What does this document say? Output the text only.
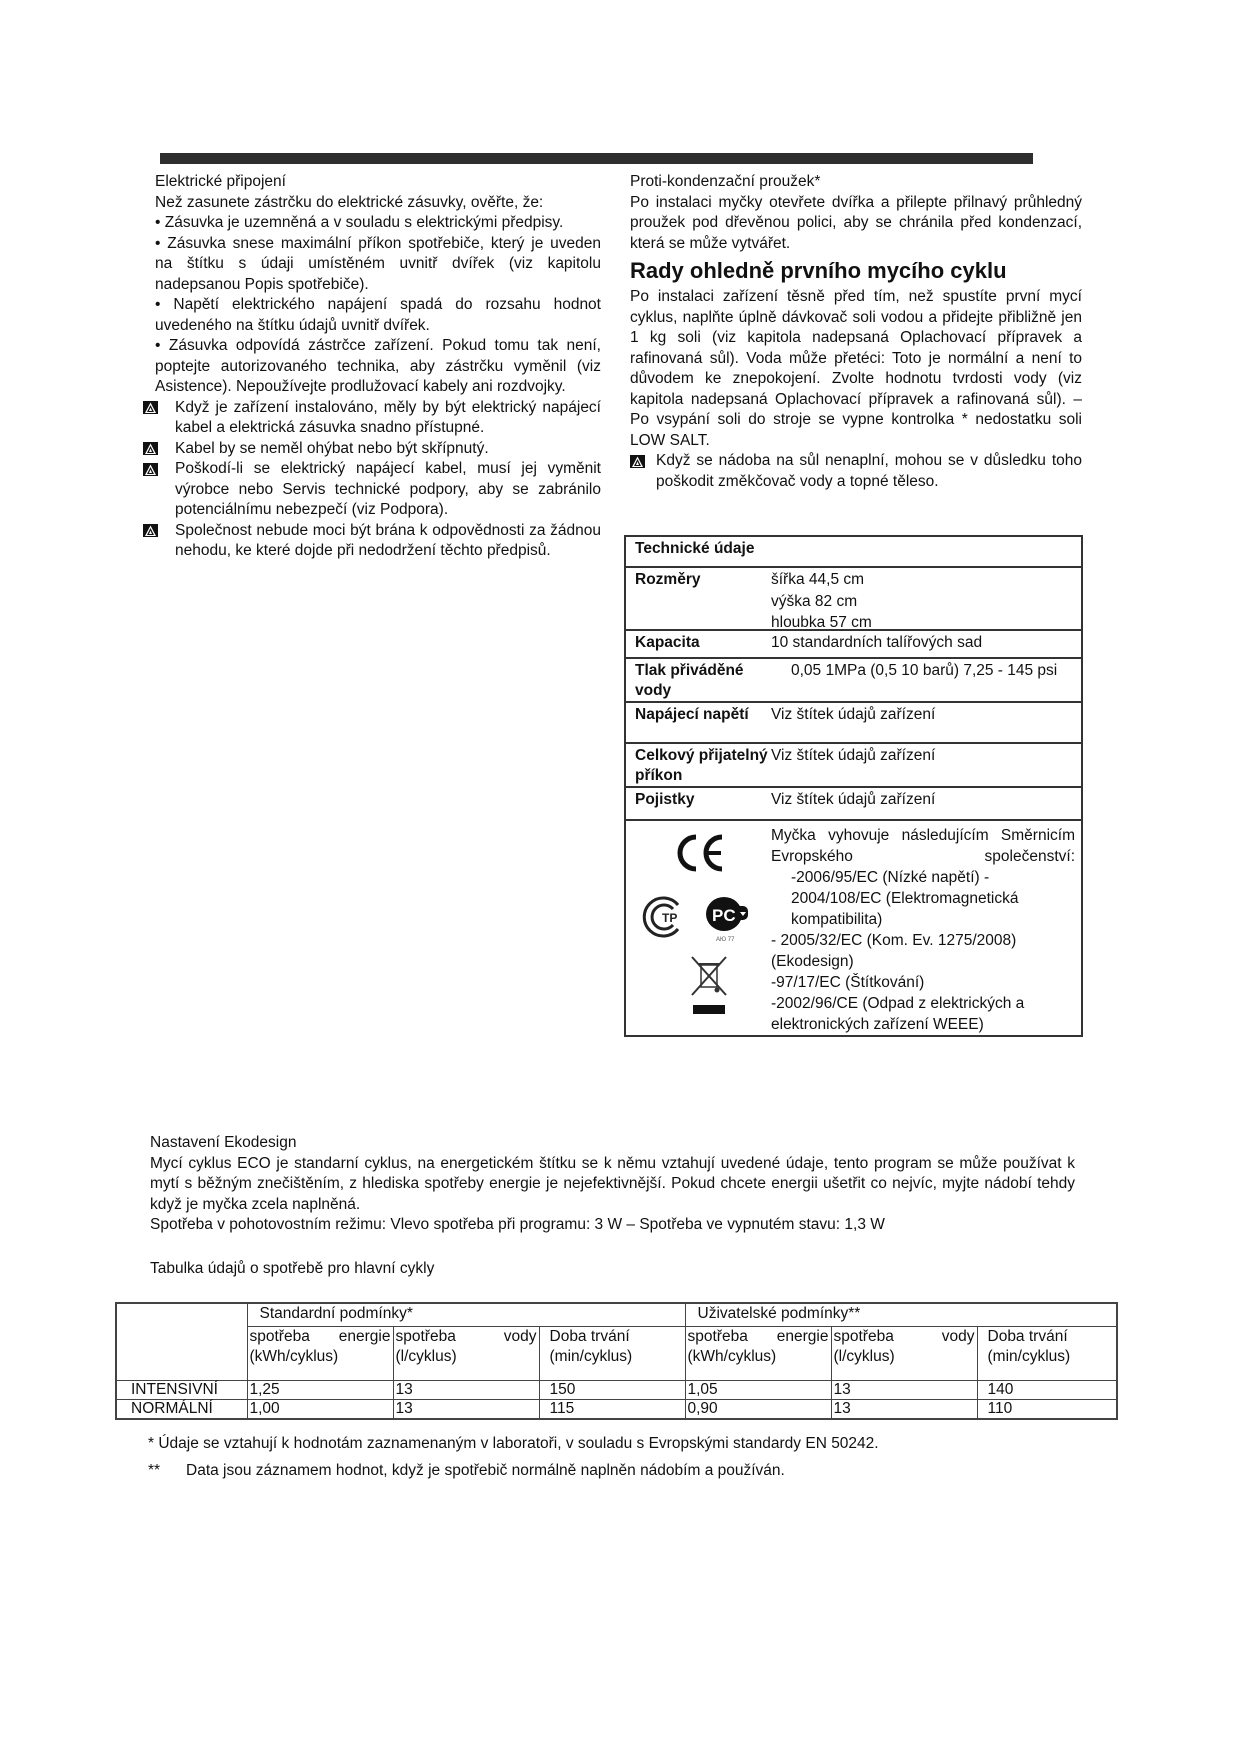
Elektrické připojení

Než zasunete zástrčku do elektrické zásuvky, ověřte, že:

• Zásuvka je uzemněná a v souladu s elektrickými předpisy.

• Zásuvka snese maximální příkon spotřebiče, který je uveden na štítku s údaji umístěném uvnitř dvířek (viz kapitolu nadepsanou Popis spotřebiče).

• Napětí elektrického napájení spadá do rozsahu hodnot uvedeného na štítku údajů uvnitř dvířek.

• Zásuvka odpovídá zástrčce zařízení. Pokud tomu tak není, poptejte autorizovaného technika, aby zástrčku vyměnil (viz Asistence). Nepoužívejte prodlužovací kabely ani rozdvojky.

Když je zařízení instalováno, měly by být elektrický napájecí kabel a elektrická zásuvka snadno přístupné.
Kabel by se neměl ohýbat nebo být skřípnutý.
Poškodí-li se elektrický napájecí kabel, musí jej vyměnit výrobce nebo Servis technické podpory, aby se zabránilo potenciálnímu nebezpečí (viz Podpora).
Společnost nebude moci být brána k odpovědnosti za žádnou nehodu, ke které dojde při nedodržení těchto předpisů.

Proti-kondenzační proužek*

Po instalaci myčky otevřete dvířka a přilepte přilnavý průhledný proužek pod dřevěnou polici, aby se chránila před kondenzací, která se může vytvářet.

Rady ohledně prvního mycího cyklu

Po instalaci zařízení těsně před tím, než spustíte první mycí cyklus, naplňte úplně dávkovač soli vodou a přidejte přibližně jen 1 kg soli (viz kapitola nadepsaná Oplachovací přípravek a rafinovaná sůl). Voda může přetéci: Toto je normální a není to důvodem ke znepokojení. Zvolte hodnotu tvrdosti vody (viz kapitola nadepsaná Oplachovací přípravek a rafinovaná sůl). – Po vsypání soli do stroje se vypne kontrolka * nedostatku soli LOW SALT.

Když se nádoba na sůl nenaplní, mohou se v důsledku toho poškodit změkčovač vody a topné těleso.
Technické údaje	
Rozměry	šířka 44,5 cm
výška 82 cm
hloubka 57 cm

Kapacita	10 standardních talířových sad
Tlak přiváděné vody	0,05 1MPa (0,5 10 barů) 7,25 - 145 psi
Napájecí napětí	Viz štítek údajů zařízení
Celkový přijatelný příkon	Viz štítek údajů zařízení
Pojistky	Viz štítek údajů zařízení

TP PC
AЮ 77

Myčka vyhovuje následujícím Směrnicím Evropského společenství:
-2006/95/EC (Nízké napětí) -
2004/108/EC (Elektromagnetická kompatibilita)
- 2005/32/EC (Kom. Ev. 1275/2008) (Ekodesign)
-97/17/EC (Štítkování)
-2002/96/CE (Odpad z elektrických a elektronických zařízení WEEE)

Nastavení Ekodesign

Mycí cyklus ECO je standarní cyklus, na energetickém štítku se k němu vztahují uvedené údaje, tento program se může používat k mytí s běžným znečištěním, z hlediska spotřeby energie je nejefektivnější. Pokud chcete energii ušetřit co nejvíc, myjte nádobí tehdy když je myčka zcela naplněná.

Spotřeba v pohotovostním režimu: Vlevo spotřeba při programu: 3 W – Spotřeba ve vypnutém stavu: 1,3 W

Tabulka údajů o spotřebě pro hlavní cykly
	Standardní podmínky*			Uživatelské podmínky**		

spotřeba energie
(kWh/cyklus)

spotřeba	vody
(l/cyklus)

Doba trvání
(min/cyklus)

spotřeba energie
(kWh/cyklus)

spotřeba	vody
(l/cyklus)

Doba trvání
(min/cyklus)

INTENSIVNÍ	1,25	13	150	1,05	13	140
NORMÁLNÍ	1,00	13	115	0,90	13	110
* Údaje se vztahují k hodnotám zaznamenaným v laboratoři, v souladu s Evropskými standardy EN 50242.
**	Data jsou záznamem hodnot, když je spotřebič normálně naplněn nádobím a používán.
